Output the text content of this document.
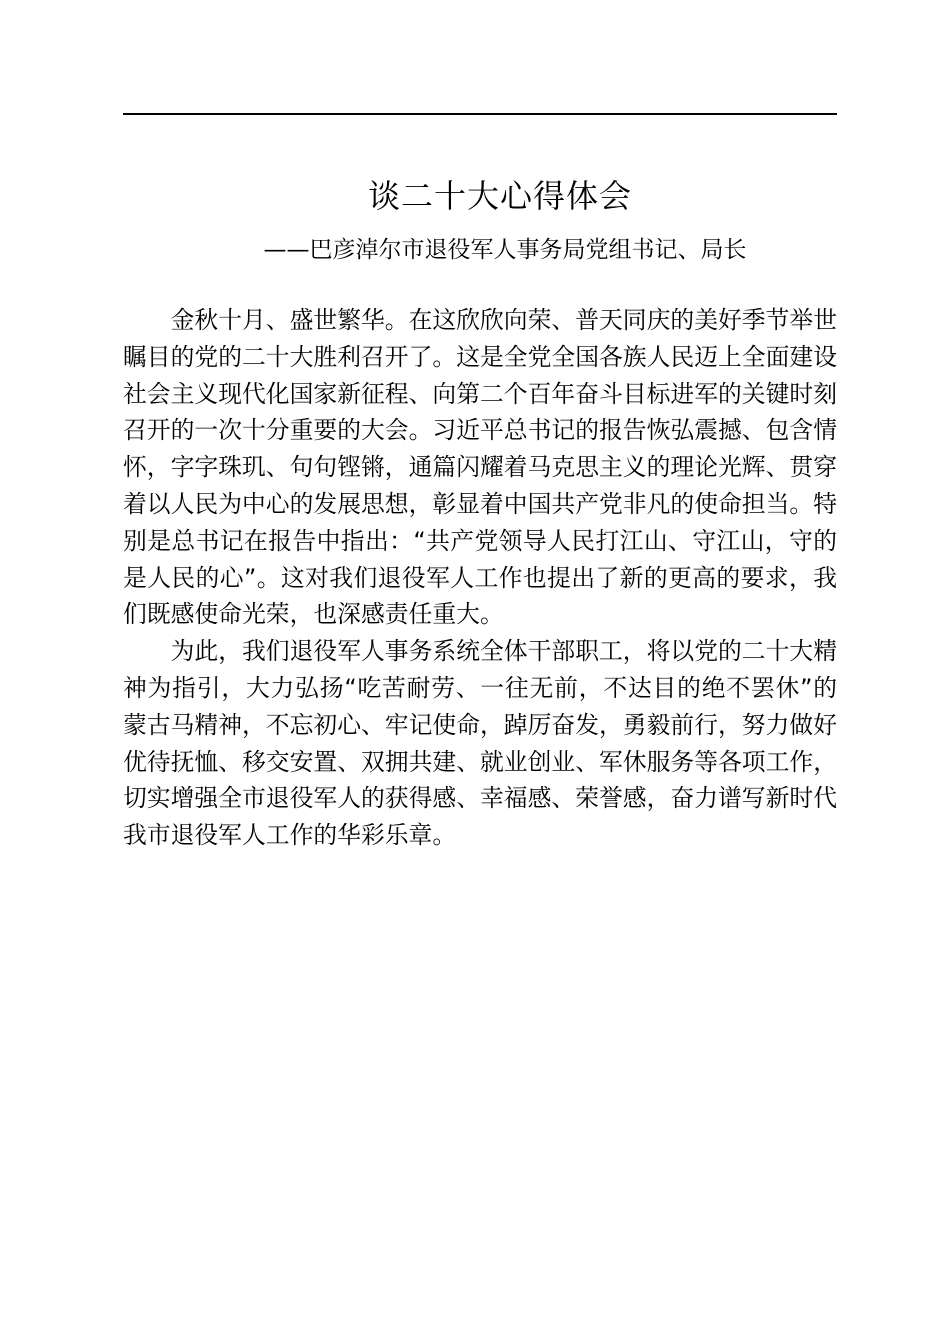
谈二十大心得体会
——巴彦淖尔市退役军人事务局党组书记、局长

金秋十月、盛世繁华。在这欣欣向荣、普天同庆的美好季节举世瞩目的党的二十大胜利召开了。这是全党全国各族人民迈上全面建设社会主义现代化国家新征程、向第二个百年奋斗目标进军的关键时刻召开的一次十分重要的大会。习近平总书记的报告恢弘震撼、包含情怀，字字珠玑、句句铿锵，通篇闪耀着马克思主义的理论光辉、贯穿着以人民为中心的发展思想，彰显着中国共产党非凡的使命担当。特别是总书记在报告中指出：“共产党领导人民打江山、守江山，守的是人民的心”。这对我们退役军人工作也提出了新的更高的要求，我们既感使命光荣，也深感责任重大。

为此，我们退役军人事务系统全体干部职工，将以党的二十大精神为指引，大力弘扬“吃苦耐劳、一往无前，不达目的绝不罢休”的蒙古马精神，不忘初心、牢记使命，踔厉奋发，勇毅前行，努力做好优待抚恤、移交安置、双拥共建、就业创业、军休服务等各项工作，切实增强全市退役军人的获得感、幸福感、荣誉感，奋力谱写新时代我市退役军人工作的华彩乐章。
